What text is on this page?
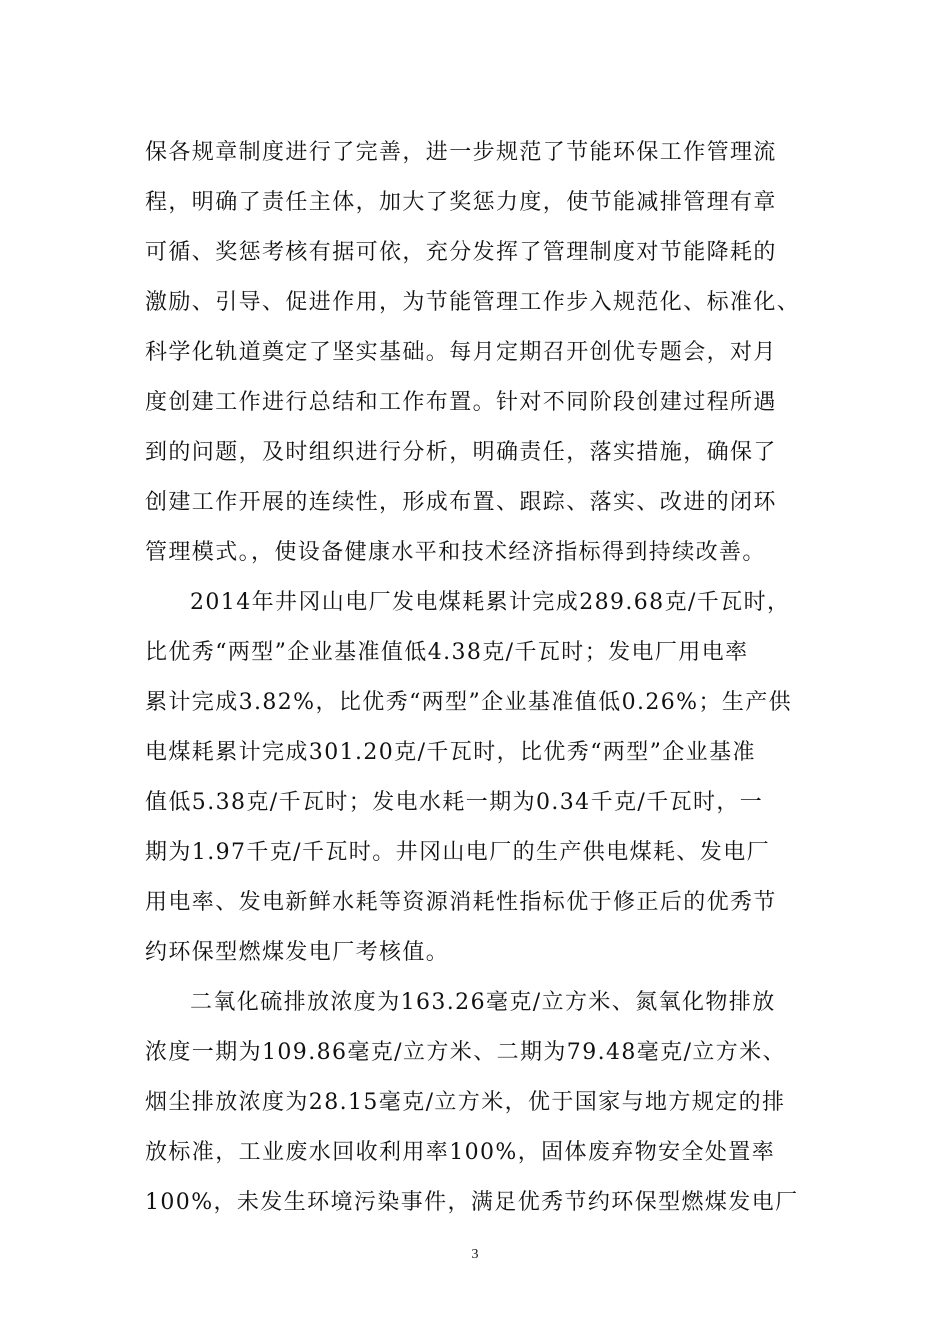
保各规章制度进行了完善，进一步规范了节能环保工作管理流
程，明确了责任主体，加大了奖惩力度，使节能减排管理有章
可循、奖惩考核有据可依，充分发挥了管理制度对节能降耗的
激励、引导、促进作用，为节能管理工作步入规范化、标准化、
科学化轨道奠定了坚实基础。每月定期召开创优专题会，对月
度创建工作进行总结和工作布置。针对不同阶段创建过程所遇
到的问题，及时组织进行分析，明确责任，落实措施，确保了
创建工作开展的连续性，形成布置、跟踪、落实、改进的闭环
管理模式。，使设备健康水平和技术经济指标得到持续改善。
2014年井冈山电厂发电煤耗累计完成289.68克/千瓦时，
比优秀“两型”企业基准值低4.38克/千瓦时；发电厂用电率
累计完成3.82%，比优秀“两型”企业基准值低0.26%；生产供
电煤耗累计完成301.20克/千瓦时，比优秀“两型”企业基准
值低5.38克/千瓦时；发电水耗一期为0.34千克/千瓦时，一
期为1.97千克/千瓦时。井冈山电厂的生产供电煤耗、发电厂
用电率、发电新鲜水耗等资源消耗性指标优于修正后的优秀节
约环保型燃煤发电厂考核值。
二氧化硫排放浓度为163.26毫克/立方米、氮氧化物排放
浓度一期为109.86毫克/立方米、二期为79.48毫克/立方米、
烟尘排放浓度为28.15毫克/立方米，优于国家与地方规定的排
放标准，工业废水回收利用率100%，固体废弃物安全处置率
100%，未发生环境污染事件，满足优秀节约环保型燃煤发电厂
3
